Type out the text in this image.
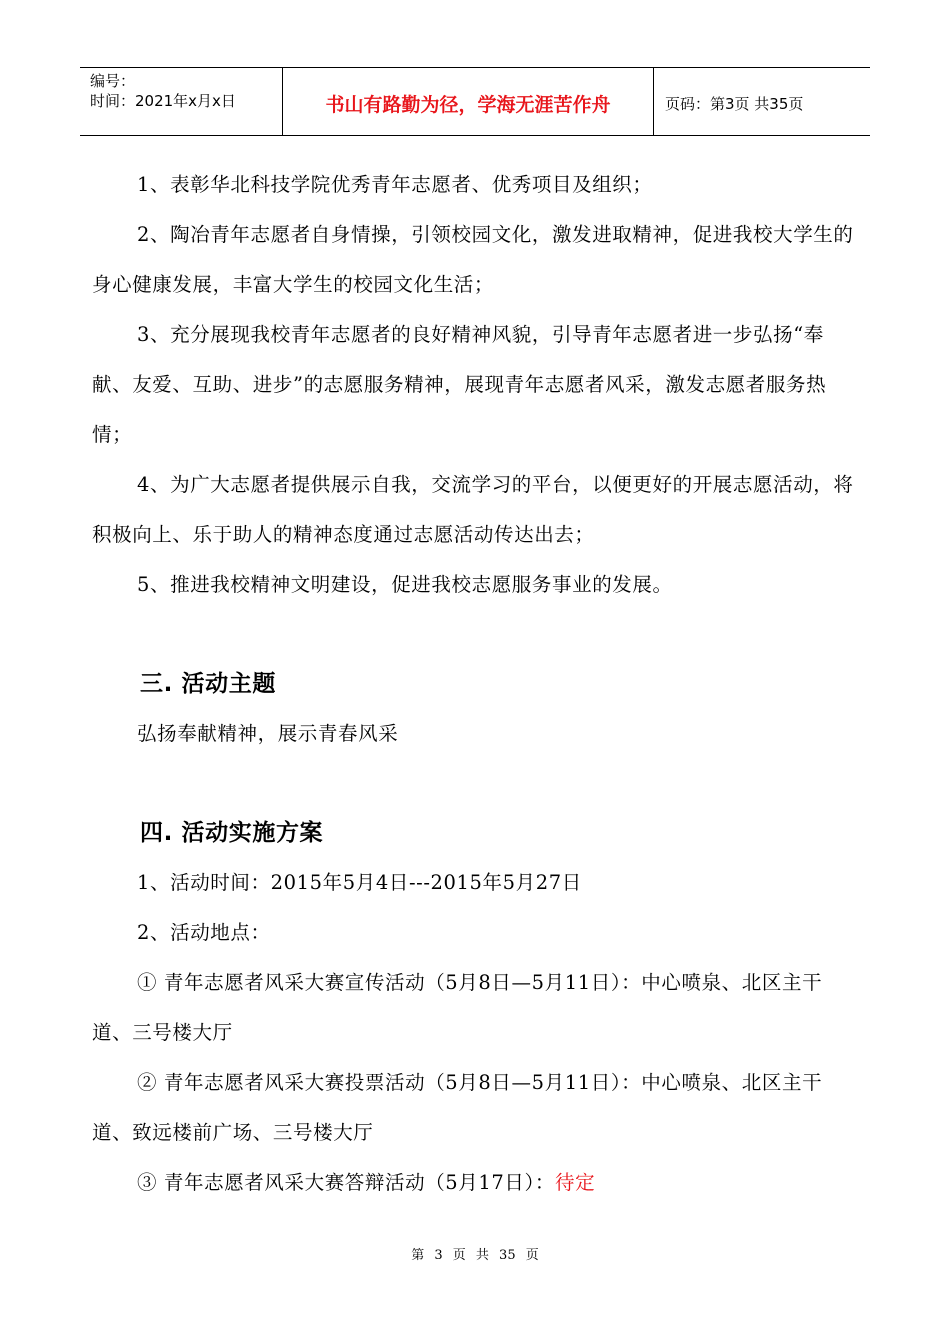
编号：
时间：2021年x月x日	书山有路勤为径，学海无涯苦作舟	页码：第3页 共35页

1、表彰华北科技学院优秀青年志愿者、优秀项目及组织；

2、陶冶青年志愿者自身情操，引领校园文化，激发进取精神，促进我校大学生的身心健康发展，丰富大学生的校园文化生活；

3、充分展现我校青年志愿者的良好精神风貌，引导青年志愿者进一步弘扬“奉献、友爱、互助、进步”的志愿服务精神，展现青年志愿者风采，激发志愿者服务热情；

4、为广大志愿者提供展示自我，交流学习的平台，以便更好的开展志愿活动，将积极向上、乐于助人的精神态度通过志愿活动传达出去；

5、推进我校精神文明建设，促进我校志愿服务事业的发展。

三. 活动主题

弘扬奉献精神，展示青春风采

四. 活动实施方案

1、活动时间：2015年5月4日---2015年5月27日

2、活动地点：

① 青年志愿者风采大赛宣传活动（5月8日—5月11日）：中心喷泉、北区主干道、三号楼大厅

② 青年志愿者风采大赛投票活动（5月8日—5月11日）：中心喷泉、北区主干道、致远楼前广场、三号楼大厅

③ 青年志愿者风采大赛答辩活动（5月17日）：待定

第 3 页 共 35 页
